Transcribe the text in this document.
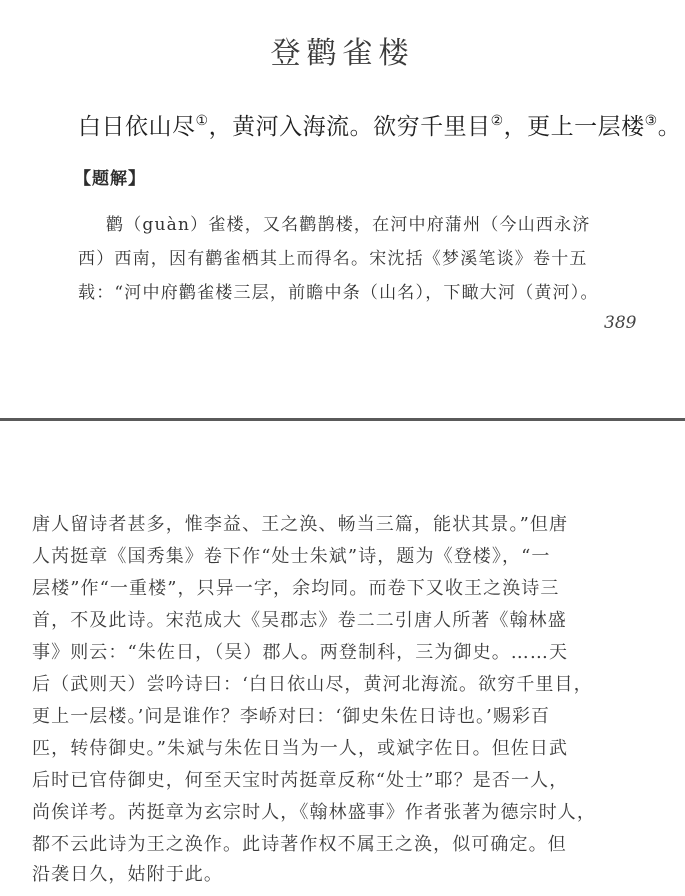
登鹳雀楼
白日依山尽①，黄河入海流。欲穷千里目②，更上一层楼③。
【题解】
鹳（guàn）雀楼，又名鹳鹊楼，在河中府蒲州（今山西永济
西）西南，因有鹳雀栖其上而得名。宋沈括《梦溪笔谈》卷十五
载：“河中府鹳雀楼三层，前瞻中条（山名），下瞰大河（黄河）。
389
唐人留诗者甚多，惟李益、王之涣、畅当三篇，能状其景。”但唐
人芮挺章《国秀集》卷下作“处士朱斌”诗，题为《登楼》，“一
层楼”作“一重楼”，只异一字，余均同。而卷下又收王之涣诗三
首，不及此诗。宋范成大《吴郡志》卷二二引唐人所著《翰林盛
事》则云：“朱佐日，（吴）郡人。两登制科，三为御史。……天
后（武则天）尝吟诗曰：‘白日依山尽，黄河北海流。欲穷千里目，
更上一层楼。’问是谁作？李峤对曰：‘御史朱佐日诗也。’赐彩百
匹，转侍御史。”朱斌与朱佐日当为一人，或斌字佐日。但佐日武
后时已官侍御史，何至天宝时芮挺章反称“处士”耶？是否一人，
尚俟详考。芮挺章为玄宗时人，《翰林盛事》作者张著为德宗时人，
都不云此诗为王之涣作。此诗著作权不属王之涣，似可确定。但
沿袭日久，姑附于此。
